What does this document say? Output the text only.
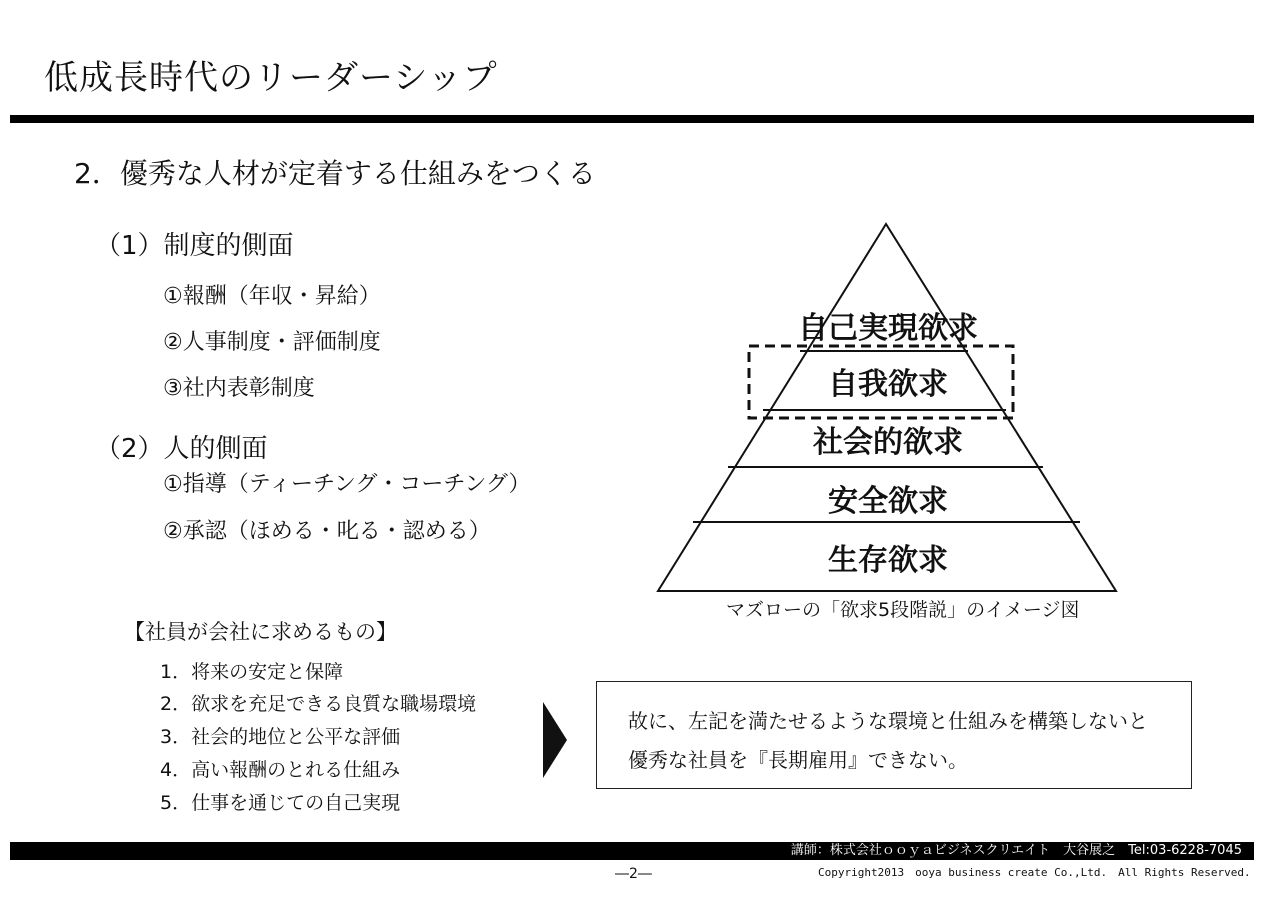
低成長時代のリーダーシップ
2．優秀な人材が定着する仕組みをつくる
（1）制度的側面
①報酬（年収・昇給）
②人事制度・評価制度
③社内表彰制度
（2）人的側面
①指導（ティーチング・コーチング）
②承認（ほめる・叱る・認める）
【社員が会社に求めるもの】
1．将来の安定と保障
2．欲求を充足できる良質な職場環境
3．社会的地位と公平な評価
4．高い報酬のとれる仕組み
5．仕事を通じての自己実現
故に、左記を満たせるような環境と仕組みを構築しないと
優秀な社員を『長期雇用』できない。
自己実現欲求
自我欲求
社会的欲求
安全欲求
生存欲求
マズローの「欲求5段階説」のイメージ図
講師：株式会社ｏｏｙａビジネスクリエイト　大谷展之　Tel:03-6228-7045
―2―	Copyright2013　ooya business create Co.,Ltd.　All Rights Reserved.
